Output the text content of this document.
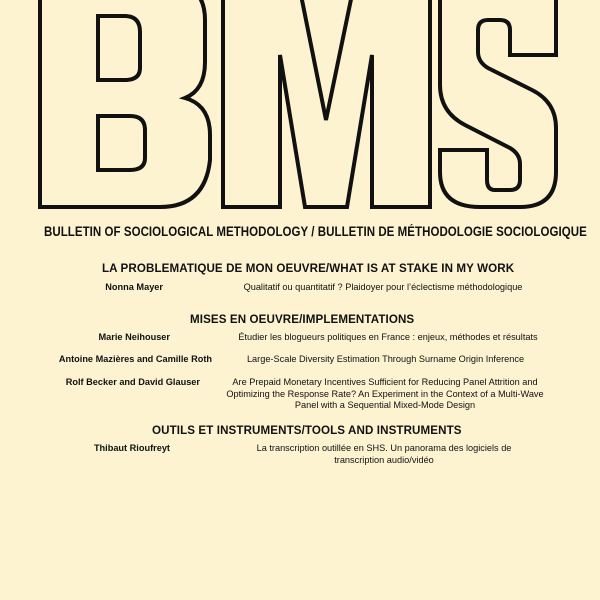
BULLETIN OF SOCIOLOGICAL METHODOLOGY / BULLETIN DE MÉTHODOLOGIE SOCIOLOGIQUE
LA PROBLEMATIQUE DE MON OEUVRE/WHAT IS AT STAKE IN MY WORK
Nonna Mayer	Qualitatif ou quantitatif ? Plaidoyer pour l’éclectisme méthodologique
MISES EN OEUVRE/IMPLEMENTATIONS
Marie Neihouser	Étudier les blogueurs politiques en France : enjeux, méthodes et résultats
Antoine Mazières and Camille Roth	Large-Scale Diversity Estimation Through Surname Origin Inference
Rolf Becker and David Glauser	Are Prepaid Monetary Incentives Sufficient for Reducing Panel Attrition and Optimizing the Response Rate? An Experiment in the Context of a Multi-Wave Panel with a Sequential Mixed-Mode Design
OUTILS ET INSTRUMENTS/TOOLS AND INSTRUMENTS
Thibaut Rioufreyt	La transcription outillée en SHS. Un panorama des logiciels de transcription audio/vidéo
